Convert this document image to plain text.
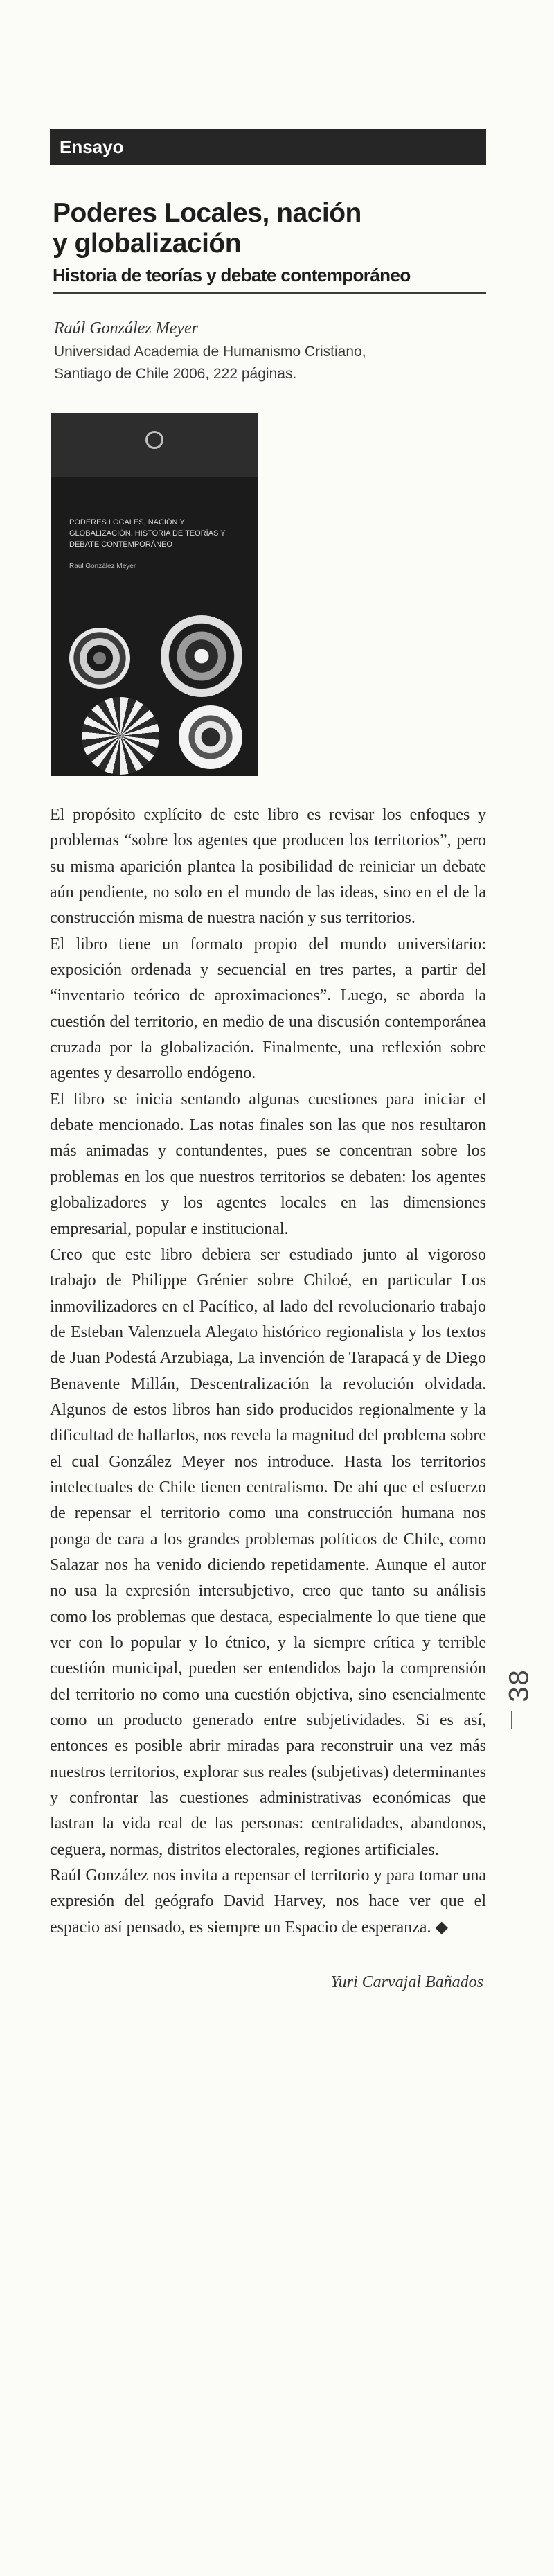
Ensayo
Poderes Locales, nación
y globalización
Historia de teorías y debate contemporáneo
Raúl González Meyer
Universidad Academia de Humanismo Cristiano,
Santiago de Chile 2006, 222 páginas.
PODERES LOCALES, NACIÓN Y GLOBALIZACIÓN. HISTORIA DE TEORÍAS Y DEBATE CONTEMPORÁNEO
Raúl González Meyer

El propósito explícito de este libro es revisar los enfoques y problemas “sobre los agentes que producen los territorios”, pero su misma aparición plantea la posibilidad de reiniciar un debate aún pendiente, no solo en el mundo de las ideas, sino en el de la construcción misma de nuestra nación y sus territorios.

El libro tiene un formato propio del mundo universitario: exposición ordenada y secuencial en tres partes, a partir del “inventario teórico de aproximaciones”. Luego, se aborda la cuestión del territorio, en medio de una discusión contemporánea cruzada por la globalización. Finalmente, una reflexión sobre agentes y desarrollo endógeno.

El libro se inicia sentando algunas cuestiones para iniciar el debate mencionado. Las notas finales son las que nos resultaron más animadas y contundentes, pues se concentran sobre los problemas en los que nuestros territorios se debaten: los agentes globalizadores y los agentes locales en las dimensiones empresarial, popular e institucional.

Creo que este libro debiera ser estudiado junto al vigoroso trabajo de Philippe Grénier sobre Chiloé, en particular Los inmovilizadores en el Pacífico, al lado del revolucionario trabajo de Esteban Valenzuela Alegato histórico regionalista y los textos de Juan Podestá Arzubiaga, La invención de Tarapacá y de Diego Benavente Millán, Descentralización la revolución olvidada. Algunos de estos libros han sido producidos regionalmente y la dificultad de hallarlos, nos revela la magnitud del problema sobre el cual González Meyer nos introduce. Hasta los territorios intelectuales de Chile tienen centralismo. De ahí que el esfuerzo de repensar el territorio como una construcción humana nos ponga de cara a los grandes problemas políticos de Chile, como Salazar nos ha venido diciendo repetidamente. Aunque el autor no usa la expresión intersubjetivo, creo que tanto su análisis como los problemas que destaca, especialmente lo que tiene que ver con lo popular y lo étnico, y la siempre crítica y terrible cuestión municipal, pueden ser entendidos bajo la comprensión del territorio no como una cuestión objetiva, sino esencialmente como un producto generado entre subjetividades. Si es así, entonces es posible abrir miradas para reconstruir una vez más nuestros territorios, explorar sus reales (subjetivas) determinantes y confrontar las cuestiones administrativas económicas que lastran la vida real de las personas: centralidades, abandonos, ceguera, normas, distritos electorales, regiones artificiales.

Raúl González nos invita a repensar el territorio y para tomar una expresión del geógrafo David Harvey, nos hace ver que el espacio así pensado, es siempre un Espacio de esperanza. ◆

Yuri Carvajal Bañados
38
